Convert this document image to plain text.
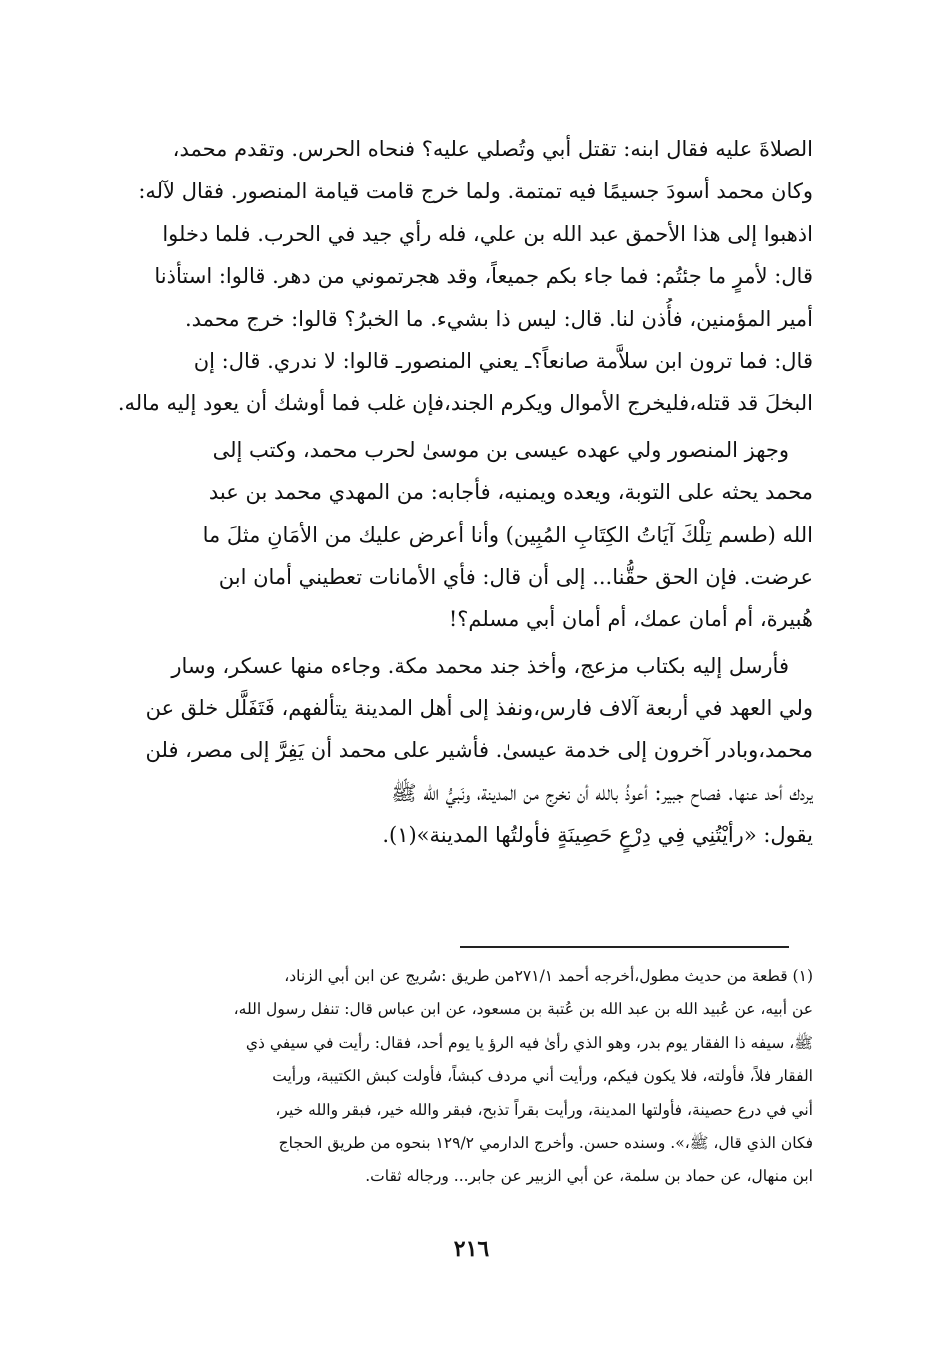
الصلاةَ عليه فقال ابنه: تقتل أبي وتُصلي عليه؟ فنحاه الحرس. وتقدم محمد،
وكان محمد أسودَ جسيمًا فيه تمتمة. ولما خرج قامت قيامة المنصور. فقال لآله:
اذهبوا إلى هذا الأحمق عبد الله بن علي، فله رأي جيد في الحرب. فلما دخلوا
قال: لأمرٍ ما جئتُم: فما جاء بكم جميعاً، وقد هجرتموني من دهر. قالوا: استأذنا
أمير المؤمنين، فأُذن لنا. قال: ليس ذا بشيء. ما الخبرُ؟ قالوا: خرج محمد.
قال: فما ترون ابن سلاَّمة صانعاً؟ـ يعني المنصورـ قالوا: لا ندري. قال: إن
البخلَ قد قتله،فليخرج الأموال ويكرم الجند،فإن غلب فما أوشك أن يعود إليه ماله.

وجهز المنصور ولي عهده عيسى بن موسىٰ لحرب محمد، وكتب إلى
محمد يحثه على التوبة، ويعده ويمنيه، فأجابه: من المهدي محمد بن عبد
الله (طسم تِلْكَ آيَاتُ الكِتَابِ المُبِين) وأنا أعرض عليك من الأمَانِ مثلَ ما
عرضت. فإن الحق حقُّنا... إلى أن قال: فأي الأمانات تعطيني أمان ابن
هُبيرة، أم أمان عمك، أم أمان أبي مسلم؟!

فأرسل إليه بكتاب مزعج، وأخذ جند محمد مكة. وجاءه منها عسكر، وسار
ولي العهد في أربعة آلاف فارس،ونفذ إلى أهل المدينة يتألفهم، فَتَفَلَّل خلق عن
محمد،وبادر آخرون إلى خدمة عيسىٰ. فأشير على محمد أن يَفِرَّ إلى مصر، فلن
يردك أحد عنها. فصاح جبير: أعوذُ بالله أن نخرج من المدينة، ونَبيُّ الله ﷺ
يقول: «رأيْتُنِي فِي دِرْعٍ حَصِينَةٍ فأولتُها المدينة»(١).

(١) قطعة من حديث مطول،أخرجه أحمد ٢٧١/١من طريق :سُريج عن ابن أبي الزناد،
عن أبيه، عن عُبيد الله بن عبد الله بن عُتبة بن مسعود، عن ابن عباس قال: تنفل رسول الله،
ﷺ، سيفه ذا الفقار يوم بدر، وهو الذي رأىٰ فيه الرؤ يا يوم أحد، فقال: رأيت في سيفي ذي
الفقار فلاً، فأولته، فلا يكون فيكم، ورأيت أني مردف كبشاً، فأولت كبش الكتيبة، ورأيت
أني في درع حصينة، فأولتها المدينة، ورأيت بقراً تذبح، فبقر والله خير، فبقر والله خير،
فكان الذي قال، ﷺ،». وسنده حسن. وأخرج الدارمي ١٢٩/٢ بنحوه من طريق الحجاج
ابن منهال، عن حماد بن سلمة، عن أبي الزبير عن جابر... ورجاله ثقات.
٢١٦
